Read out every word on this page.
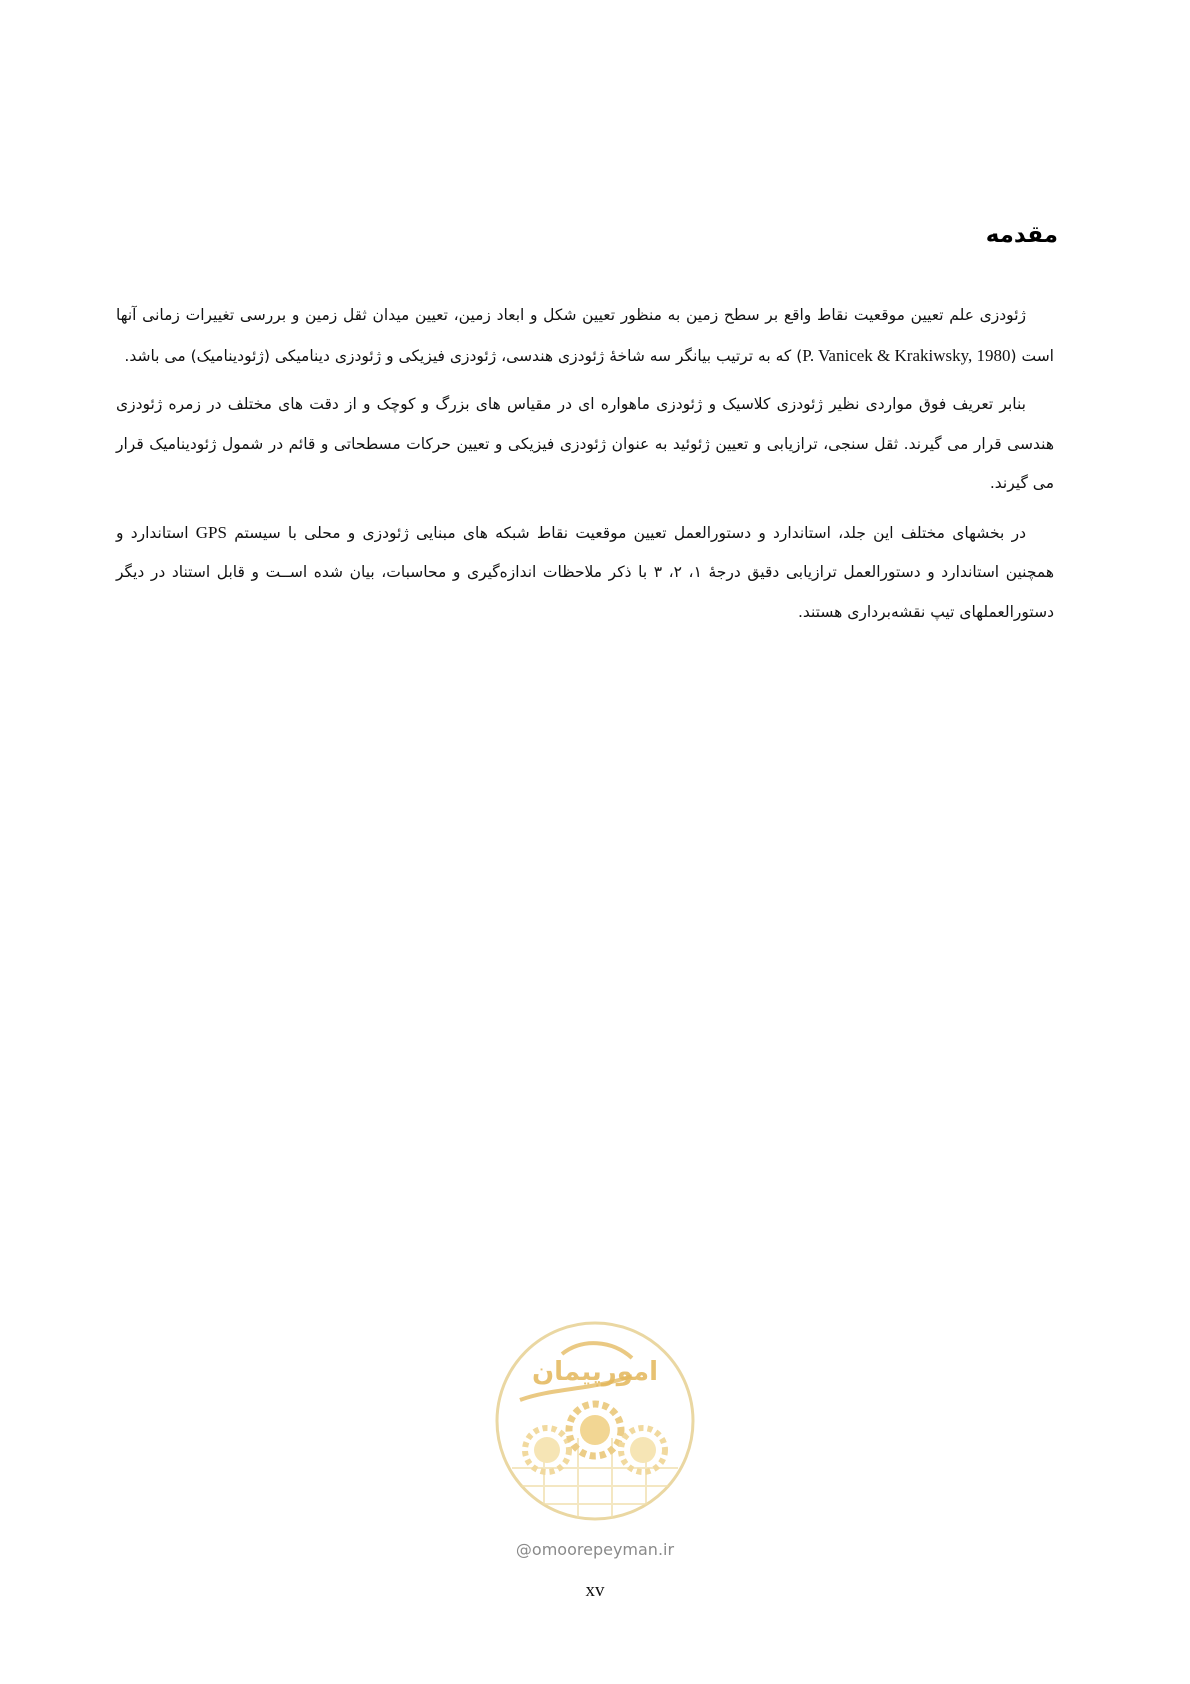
مقدمه

ژئودزی علم تعیین موقعیت نقاط واقع بر سطح زمین به منظور تعیین شکل و ابعاد زمین، تعیین میدان ثقل زمین و بررسی تغییرات زمانی آنها است (P. Vanicek & Krakiwsky, 1980) که به ترتیب بیانگر سه شاخهٔ ژئودزی هندسی، ژئودزی فیزیکی و ژئودزی دینامیکی (ژئودینامیک) می باشد.

بنابر تعریف فوق مواردی نظیر ژئودزی کلاسیک و ژئودزی ماهواره ای در مقیاس های بزرگ و کوچک و از دقت های مختلف در زمره ژئودزی هندسی قرار می گیرند. ثقل سنجی، ترازیابی و تعیین ژئوئید به عنوان ژئودزی فیزیکی و تعیین حرکات مسطحاتی و قائم در شمول ژئودینامیک قرار می گیرند.

در بخشهای مختلف این جلد، استاندارد و دستورالعمل تعیین موقعیت نقاط شبکه های مبنایی ژئودزی و محلی با سیستم GPS استاندارد و همچنین استاندارد و دستورالعمل ترازیابی دقیق درجهٔ ۱، ۲، ۳ با ذکر ملاحظات اندازه‌گیری و محاسبات، بیان شده اســت و قابل استناد در دیگر دستورالعملهای تیپ نقشه‌برداری هستند.

امورپیمان
@omoorepeyman.ir
xv
